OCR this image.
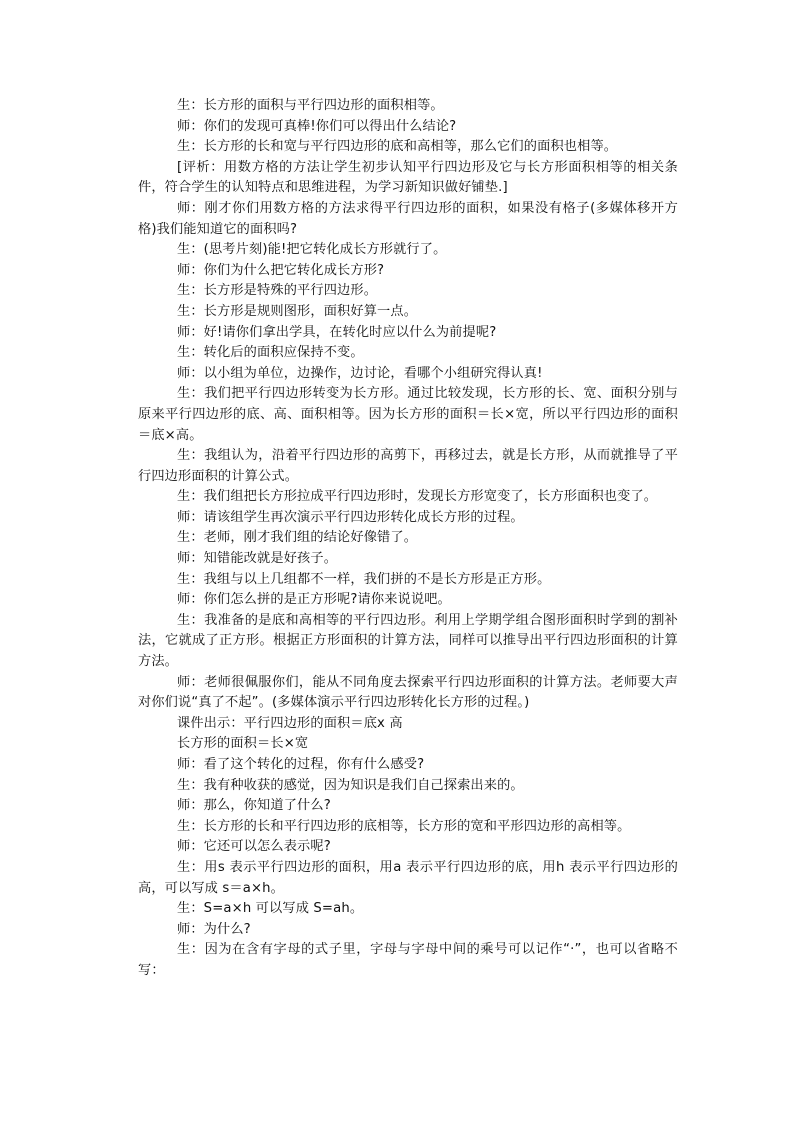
生：长方形的面积与平行四边形的面积相等。

师：你们的发现可真棒!你们可以得出什么结论?

生：长方形的长和宽与平行四边形的底和高相等，那么它们的面积也相等。

[评析：用数方格的方法让学生初步认知平行四边形及它与长方形面积相等的相关条件，符合学生的认知特点和思维进程，为学习新知识做好铺垫.]

师：刚才你们用数方格的方法求得平行四边形的面积，如果没有格子(多媒体移开方格)我们能知道它的面积吗?

生：(思考片刻)能!把它转化成长方形就行了。

师：你们为什么把它转化成长方形?

生：长方形是特殊的平行四边形。

生：长方形是规则图形，面积好算一点。

师：好!请你们拿出学具，在转化时应以什么为前提呢?

生：转化后的面积应保持不变。

师：以小组为单位，边操作，边讨论，看哪个小组研究得认真!

生：我们把平行四边形转变为长方形。通过比较发现，长方形的长、宽、面积分别与原来平行四边形的底、高、面积相等。因为长方形的面积＝长×宽，所以平行四边形的面积＝底×高。

生：我组认为，沿着平行四边形的高剪下，再移过去，就是长方形，从而就推导了平行四边形面积的计算公式。

生：我们组把长方形拉成平行四边形时，发现长方形宽变了，长方形面积也变了。

师：请该组学生再次演示平行四边形转化成长方形的过程。

生：老师，刚才我们组的结论好像错了。

师：知错能改就是好孩子。

生：我组与以上几组都不一样，我们拼的不是长方形是正方形。

师：你们怎么拼的是正方形呢?请你来说说吧。

生：我准备的是底和高相等的平行四边形。利用上学期学组合图形面积时学到的割补法，它就成了正方形。根据正方形面积的计算方法，同样可以推导出平行四边形面积的计算方法。

师：老师很佩服你们，能从不同角度去探索平行四边形面积的计算方法。老师要大声对你们说“真了不起”。(多媒体演示平行四边形转化长方形的过程。)

课件出示：平行四边形的面积＝底x 高

长方形的面积＝长×宽

师：看了这个转化的过程，你有什么感受?

生：我有种收获的感觉，因为知识是我们自己探索出来的。

师：那么，你知道了什么?

生：长方形的长和平行四边形的底相等，长方形的宽和平形四边形的高相等。

师：它还可以怎么表示呢?

生：用s 表示平行四边形的面积，用a 表示平行四边形的底，用h 表示平行四边形的高，可以写成 s＝a×h。

生：S=a×h 可以写成 S=ah。

师：为什么?

生：因为在含有字母的式子里，字母与字母中间的乘号可以记作“·”，也可以省略不写：
